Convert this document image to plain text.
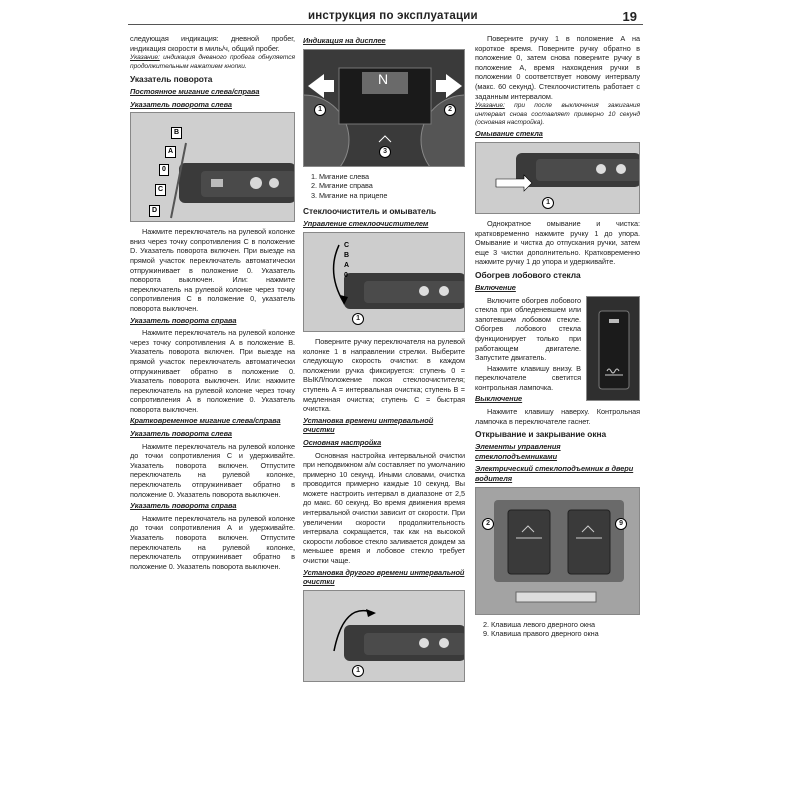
инструкция по эксплуатации	19

следующая индикация: дневной пробег, индикация скорости в миль/ч, общий пробег.

Указание: индикация дневного пробега обнуляется продолжительным нажатием кнопки.

Указатель поворота
Постоянное мигание слева/справа
Указатель поворота слева
B
A
0
C
D

Нажмите переключатель на рулевой колонке вниз через точку сопротивления С в положение D. Указатель поворота включен. При выезде на прямой участок переключатель автоматически отпружинивает в положение 0. Указатель поворота выключен. Или: нажмите переключатель на рулевой колонке через точку сопротивления С в положение 0, указатель поворота выключен.

Указатель поворота справа

Нажмите переключатель на рулевой колонке через точку сопротивления А в положение В. Указатель поворота включен. При выезде на прямой участок переключатель автоматически отпружинивает обратно в положение 0. Указатель поворота выключен. Или: нажмите переключатель на рулевой колонке через точку сопротивления А в положение 0. Указатель поворота выключен.

Кратковременное мигание слева/справа
Указатель поворота слева

Нажмите переключатель на рулевой колонке до точки сопротивления С и удерживайте. Указатель поворота включен. Отпустите переключатель на рулевой колонке, переключатель отпружинивает обратно в положение 0. Указатель поворота выключен.

Указатель поворота справа

Нажмите переключатель на рулевой колонке до точки сопротивления А и удерживайте. Указатель поворота включен. Отпустите переключатель на рулевой колонке, переключатель отпружинивает обратно в положение 0. Указатель поворота выключен.

Индикация на дисплее
N
1	2
3
1. Мигание слева
2. Мигание справа
3. Мигание на прицепе
Стеклоочиститель и омыватель
Управление стеклоочистителем
C
B
A
0
1

Поверните ручку переключателя на рулевой колонке 1 в направлении стрелки. Выберите следующую скорость очистки: в каждом положении ручка фиксируется: ступень 0 = ВЫКЛ/положение покоя стеклоочистителя; ступень А = интервальная очистка; ступень В = медленная очистка; ступень С = быстрая очистка.

Установка времени интервальной очистки
Основная настройка

Основная настройка интервальной очистки при неподвижном а/м составляет по умолчанию примерно 10 секунд. Иными словами, очистка проводится примерно каждые 10 секунд. Вы можете настроить интервал в диапазоне от 2,5 до макс. 60 секунд. Во время движения время интервальной очистки зависит от скорости. При увеличении скорости продолжительность интервала сокращается, так как на высокой скорости лобовое стекло заливается дождем за меньшее время и лобовое стекло требует очистки чаще.

Установка другого времени интервальной очистки
1

Поверните ручку 1 в положение А на короткое время. Поверните ручку обратно в положение 0, затем снова поверните ручку в положение А, время нахождения ручки в положении 0 соответствует новому интервалу (макс. 60 секунд). Стеклоочиститель работает с заданным интервалом.

Указание: при после выключения зажигания интервал снова составляет примерно 10 секунд (основная настройка).

Омывание стекла
1

Однократное омывание и чистка: кратковременно нажмите ручку 1 до упора. Омывание и чистка до отпускания ручки, затем еще 3 чистки дополнительно. Кратковременно нажмите ручку 1 до упора и удерживайте.

Обогрев лобового стекла
Включение

Включите обогрев лобового стекла при обледеневшем или запотевшем лобовом стекле. Обогрев лобового стекла функционирует только при работающем двигателе. Запустите двигатель.

Нажмите клавишу внизу. В переключателе светится контрольная лампочка.

Выключение

Нажмите клавишу наверху. Контрольная лампочка в переключателе гаснет.

Открывание и закрывание окна
Элементы управления стеклоподъемниками
Электрический стеклоподъемник в двери водителя
2	9
2. Клавиша левого дверного окна
9. Клавиша правого дверного окна
